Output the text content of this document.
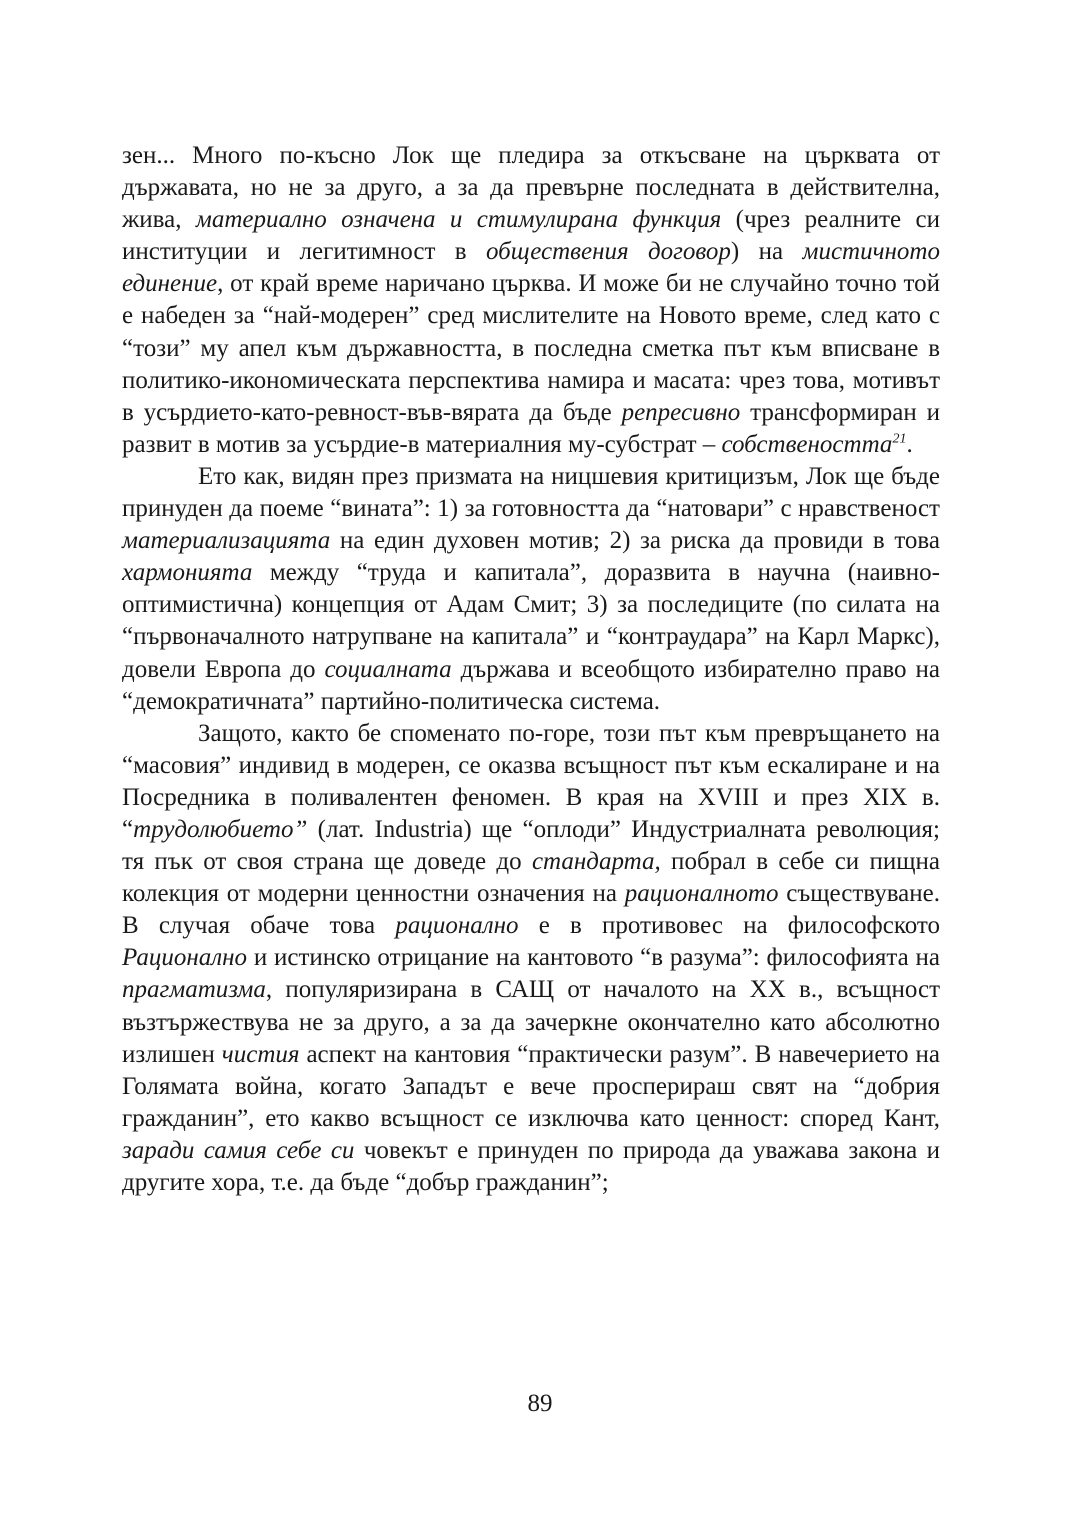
зен... Много по-късно Лок ще пледира за откъсване на църквата от държавата, но не за друго, а за да превърне последната в действителна, жива, материално означена и стимулирана функция (чрез реалните си институции и легитимност в обществения договор) на мистичното единение, от край време наричано църква. И може би не случайно точно той е набеден за “най-модерен” сред мислителите на Новото време, след като с “този” му апел към държавността, в последна сметка път към вписване в политико-икономическата перспектива намира и масата: чрез това, мотивът в усърдието-като-ревност-във-вярата да бъде репресивно трансформиран и развит в мотив за усърдие-в материалния му-субстрат – собствеността$^{21}$.

Ето как, видян през призмата на ницшевия критицизъм, Лок ще бъде принуден да поеме “вината”: 1) за готовността да “натовари” с нравственост материализацията на един духовен мотив; 2) за риска да провиди в това хармонията между “труда и капитала”, доразвита в научна (наивно-оптимистична) концепция от Адам Смит; 3) за последиците (по силата на “първоначалното натрупване на капитала” и “контраудара” на Карл Маркс), довели Европа до социалната държава и всеобщото избирателно право на “демократичната” партийно-политическа система.

Защото, както бе споменато по-горе, този път към превръщането на “масовия” индивид в модерен, се оказва всъщност път към ескалиране и на Посредника в поливалентен феномен. В края на XVIII и през XIX в. “трудолюбието” (лат. Industria) ще “оплоди” Индустриалната революция; тя пък от своя страна ще доведе до стандарта, побрал в себе си пищна колекция от модерни ценностни означения на рационалното съществуване. В случая обаче това рационално е в противовес на философското Рационално и истинско отрицание на кантовото “в разума”: философията на прагматизма, популяризирана в САЩ от началото на XX в., всъщност възтържествува не за друго, а за да зачеркне окончателно като абсолютно излишен чистия аспект на кантовия “практически разум”. В навечерието на Голямата война, когато Западът е вече просперираш свят на “добрия гражданин”, ето какво всъщност се изключва като ценност: според Кант, заради самия себе си човекът е принуден по природа да уважава закона и другите хора, т.е. да бъде “добър гражданин”;

89
